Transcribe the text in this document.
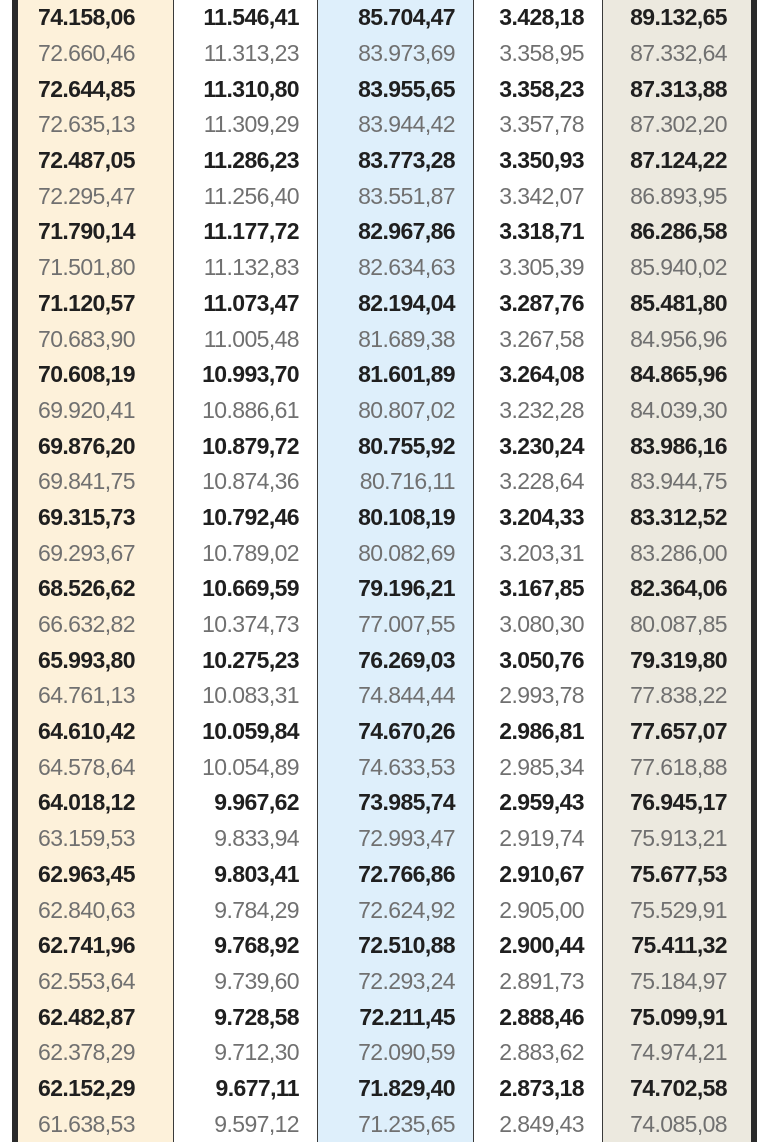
74.158,06	11.546,41	85.704,47	3.428,18	89.132,65
72.660,46	11.313,23	83.973,69	3.358,95	87.332,64
72.644,85	11.310,80	83.955,65	3.358,23	87.313,88
72.635,13	11.309,29	83.944,42	3.357,78	87.302,20
72.487,05	11.286,23	83.773,28	3.350,93	87.124,22
72.295,47	11.256,40	83.551,87	3.342,07	86.893,95
71.790,14	11.177,72	82.967,86	3.318,71	86.286,58
71.501,80	11.132,83	82.634,63	3.305,39	85.940,02
71.120,57	11.073,47	82.194,04	3.287,76	85.481,80
70.683,90	11.005,48	81.689,38	3.267,58	84.956,96
70.608,19	10.993,70	81.601,89	3.264,08	84.865,96
69.920,41	10.886,61	80.807,02	3.232,28	84.039,30
69.876,20	10.879,72	80.755,92	3.230,24	83.986,16
69.841,75	10.874,36	80.716,11	3.228,64	83.944,75
69.315,73	10.792,46	80.108,19	3.204,33	83.312,52
69.293,67	10.789,02	80.082,69	3.203,31	83.286,00
68.526,62	10.669,59	79.196,21	3.167,85	82.364,06
66.632,82	10.374,73	77.007,55	3.080,30	80.087,85
65.993,80	10.275,23	76.269,03	3.050,76	79.319,80
64.761,13	10.083,31	74.844,44	2.993,78	77.838,22
64.610,42	10.059,84	74.670,26	2.986,81	77.657,07
64.578,64	10.054,89	74.633,53	2.985,34	77.618,88
64.018,12	9.967,62	73.985,74	2.959,43	76.945,17
63.159,53	9.833,94	72.993,47	2.919,74	75.913,21
62.963,45	9.803,41	72.766,86	2.910,67	75.677,53
62.840,63	9.784,29	72.624,92	2.905,00	75.529,91
62.741,96	9.768,92	72.510,88	2.900,44	75.411,32
62.553,64	9.739,60	72.293,24	2.891,73	75.184,97
62.482,87	9.728,58	72.211,45	2.888,46	75.099,91
62.378,29	9.712,30	72.090,59	2.883,62	74.974,21
62.152,29	9.677,11	71.829,40	2.873,18	74.702,58
61.638,53	9.597,12	71.235,65	2.849,43	74.085,08
